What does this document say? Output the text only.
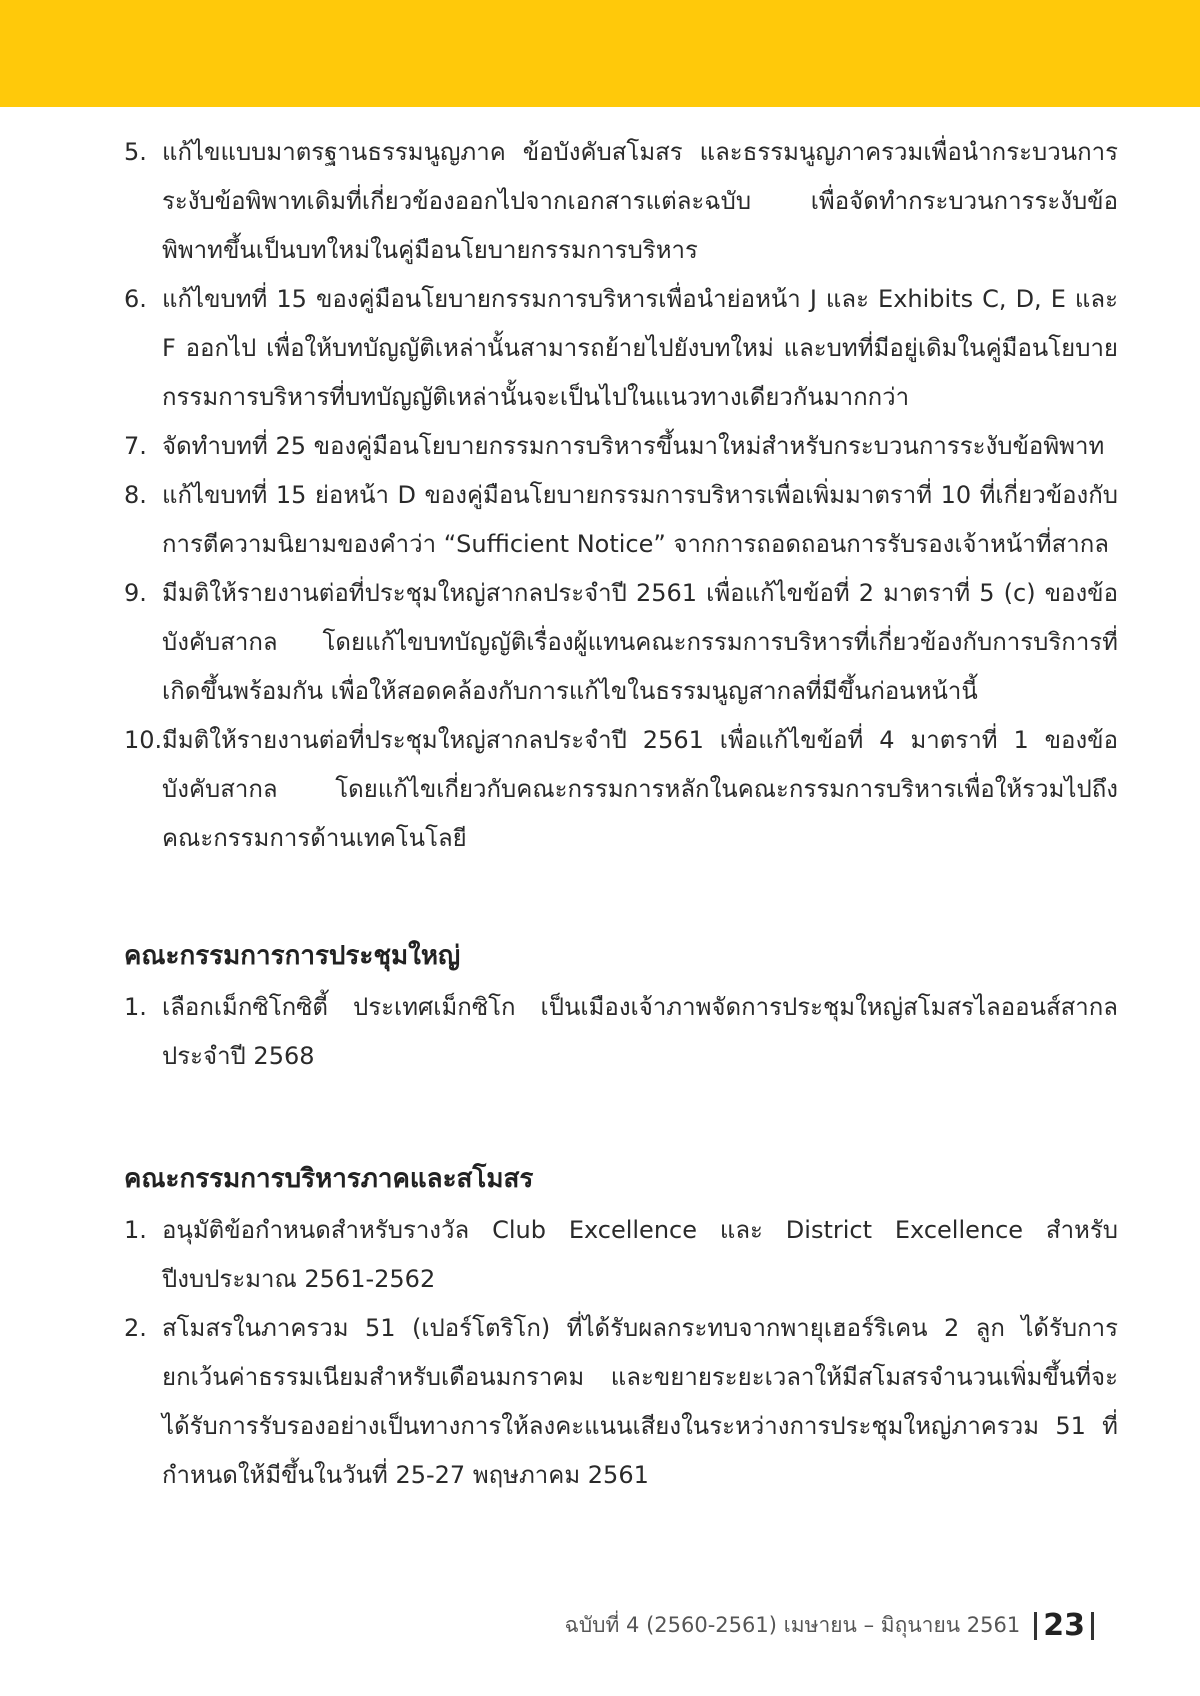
5. แก้ไขแบบมาตรฐานธรรมนูญภาค ข้อบังคับสโมสร และธรรมนูญภาครวมเพื่อนำกระบวนการระงับข้อพิพาทเดิมที่เกี่ยวข้องออกไปจากเอกสารแต่ละฉบับ เพื่อจัดทำกระบวนการระงับข้อพิพาทขึ้นเป็นบทใหม่ในคู่มือนโยบายกรรมการบริหาร
6. แก้ไขบทที่ 15 ของคู่มือนโยบายกรรมการบริหารเพื่อนำย่อหน้า J และ Exhibits C, D, E และ F ออกไป เพื่อให้บทบัญญัติเหล่านั้นสามารถย้ายไปยังบทใหม่ และบทที่มีอยู่เดิมในคู่มือนโยบายกรรมการบริหารที่บทบัญญัติเหล่านั้นจะเป็นไปในแนวทางเดียวกันมากกว่า
7. จัดทำบทที่ 25 ของคู่มือนโยบายกรรมการบริหารขึ้นมาใหม่สำหรับกระบวนการระงับข้อพิพาท
8. แก้ไขบทที่ 15 ย่อหน้า D ของคู่มือนโยบายกรรมการบริหารเพื่อเพิ่มมาตราที่ 10 ที่เกี่ยวข้องกับการตีความนิยามของคำว่า “Sufficient Notice” จากการถอดถอนการรับรองเจ้าหน้าที่สากล
9. มีมติให้รายงานต่อที่ประชุมใหญ่สากลประจำปี 2561 เพื่อแก้ไขข้อที่ 2 มาตราที่ 5 (c) ของข้อบังคับสากล โดยแก้ไขบทบัญญัติเรื่องผู้แทนคณะกรรมการบริหารที่เกี่ยวข้องกับการบริการที่เกิดขึ้นพร้อมกัน เพื่อให้สอดคล้องกับการแก้ไขในธรรมนูญสากลที่มีขึ้นก่อนหน้านี้
10. มีมติให้รายงานต่อที่ประชุมใหญ่สากลประจำปี 2561 เพื่อแก้ไขข้อที่ 4 มาตราที่ 1 ของข้อบังคับสากล โดยแก้ไขเกี่ยวกับคณะกรรมการหลักในคณะกรรมการบริหารเพื่อให้รวมไปถึงคณะกรรมการด้านเทคโนโลยี
คณะกรรมการการประชุมใหญ่
1. เลือกเม็กซิโกซิตี้ ประเทศเม็กซิโก เป็นเมืองเจ้าภาพจัดการประชุมใหญ่สโมสรไลออนส์สากลประจำปี 2568
คณะกรรมการบริหารภาคและสโมสร
1. อนุมัติข้อกำหนดสำหรับรางวัล Club Excellence และ District Excellence สำหรับปีงบประมาณ 2561-2562
2. สโมสรในภาครวม 51 (เปอร์โตริโก) ที่ได้รับผลกระทบจากพายุเฮอร์ริเคน 2 ลูก ได้รับการยกเว้นค่าธรรมเนียมสำหรับเดือนมกราคม และขยายระยะเวลาให้มีสโมสรจำนวนเพิ่มขึ้นที่จะได้รับการรับรองอย่างเป็นทางการให้ลงคะแนนเสียงในระหว่างการประชุมใหญ่ภาครวม 51 ที่กำหนดให้มีขึ้นในวันที่ 25-27 พฤษภาคม 2561
ฉบับที่ 4 (2560-2561) เมษายน – มิถุนายน 2561 23
